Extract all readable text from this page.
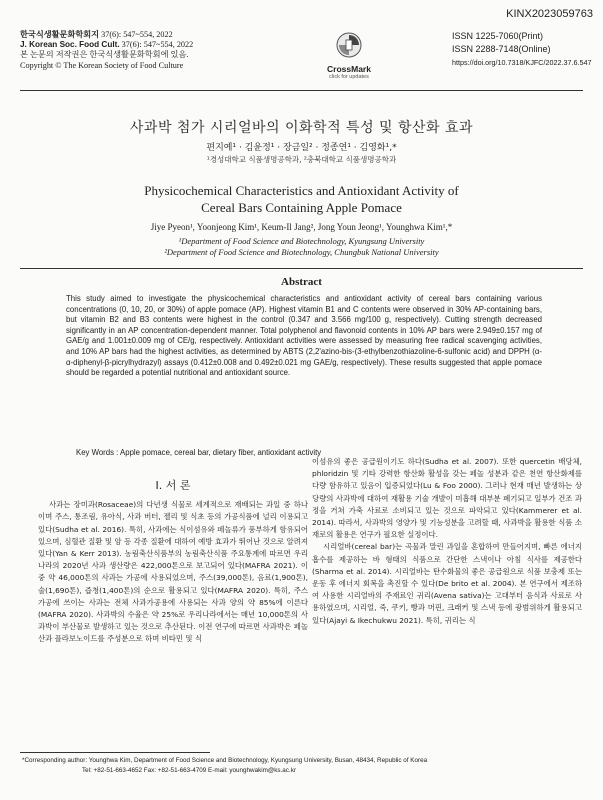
KINX2023059763
한국식생활문화학회지 37(6): 547~554, 2022
J. Korean Soc. Food Cult. 37(6): 547~554, 2022
본 논문의 저작권은 한국식생활문화학회에 있음.
Copyright © The Korean Society of Food Culture	CrossMark
click for updates
ISSN 1225-7060(Print)
ISSN 2288-7148(Online)
https://doi.org/10.7318/KJFC/2022.37.6.547
사과박 첨가 시리얼바의 이화학적 특성 및 항산화 효과
편지예¹ · 김윤정¹ · 장금일² · 정종연¹ · 김영화¹,*
¹경성대학교 식품생명공학과, ²충북대학교 식품생명공학과
Physicochemical Characteristics and Antioxidant Activity of
Cereal Bars Containing Apple Pomace
Jiye Pyeon¹, Yoonjeong Kim¹, Keum-Il Jang², Jong Youn Jeong¹, Younghwa Kim¹,*
¹Department of Food Science and Biotechnology, Kyungsung University
²Department of Food Science and Biotechnology, Chungbuk National University
Abstract
This study aimed to investigate the physicochemical characteristics and antioxidant activity of cereal bars containing various concentrations (0, 10, 20, or 30%) of apple pomace (AP). Highest vitamin B1 and C contents were observed in 30% AP-containing bars, but vitamin B2 and B3 contents were highest in the control (0.347 and 3.566 mg/100 g, respectively). Cutting strength decreased significantly in an AP concentration-dependent manner. Total polyphenol and flavonoid contents in 10% AP bars were 2.949±0.157 mg of GAE/g and 1.001±0.009 mg of CE/g, respectively. Antioxidant activities were assessed by measuring free radical scavenging activities, and 10% AP bars had the highest activities, as determined by ABTS (2,2'azino-bis-(3-ethylbenzothiazoline-6-sulfonic acid) and DPPH (α-α-diphenyl-β-picrylhydrazyl) assays (0.412±0.008 and 0.492±0.021 mg GAE/g, respectively). These results suggested that apple pomace should be regarded a potential nutritional and antioxidant source.
Key Words : Apple pomace, cereal bar, dietary fiber, antioxidant activity
Ⅰ. 서 론

사과는 장미과(Rosaceae)의 다년생 식물로 세계적으로 재배되는 과일 중 하나이며 주스, 통조림, 유아식, 사과 버터, 젤리 및 식초 등의 가공식품에 널리 이용되고 있다(Sudha et al. 2016). 특히, 사과에는 식이섬유와 페놀류가 풍부하게 함유되어 있으며, 심혈관 질환 및 암 등 각종 질환에 대하여 예방 효과가 뛰어난 것으로 알려져 있다(Yan & Kerr 2013). 농림축산식품부의 농림축산식품 주요통계에 따르면 우리나라의 2020년 사과 생산량은 422,000톤으로 보고되어 있다(MAFRA 2021). 이 중 약 46,000톤의 사과는 가공에 사용되었으며, 주스(39,000톤), 음료(1,900톤), 술(1,690톤), 즙청(1,400톤)의 순으로 활용되고 있다(MAFRA 2020). 특히, 주스가공에 쓰이는 사과는 전체 사과가공용에 사용되는 사과 양의 약 85%에 이른다(MAFRA 2020). 사과박의 수율은 약 25%로 우리나라에서는 매년 10,000톤의 사과박이 부산물로 발생하고 있는 것으로 추산된다. 이전 연구에 따르면 사과박은 페놀산과 플라보노이드를 주성분으로 하며 비타민 및 식

이섬유의 좋은 공급원이기도 하다(Sudha et al. 2007). 또한 quercetin 배당체, phloridzin 및 기타 강력한 항산화 활성을 갖는 페놀 성분과 같은 천연 항산화제를 다량 함유하고 있음이 입증되었다(Lu & Foo 2000). 그러나 현재 매년 발생하는 상당량의 사과박에 대하여 재활용 기술 개발이 미흡해 대부분 폐기되고 일부가 건조 과정을 거쳐 가축 사료로 소비되고 있는 것으로 파악되고 있다(Kammerer et al. 2014). 따라서, 사과박의 영양가 및 기능성분을 고려할 때, 사과박을 활용한 식품 소재로의 활용은 연구가 필요한 실정이다.

시리얼바(cereal bar)는 곡물과 말린 과일을 혼합하여 만들어지며, 빠른 에너지 흡수를 제공하는 바 형태의 식품으로 간단한 스낵이나 아침 식사를 제공한다(Sharma et al. 2014). 시리얼바는 탄수화물의 좋은 공급원으로 식품 보충제 또는 운동 후 에너지 회복을 촉진할 수 있다(De brito et al. 2004). 본 연구에서 제조하여 사용한 시리얼바의 주재료인 귀리(Avena sativa)는 고대부터 음식과 사료로 사용하였으며, 시리얼, 죽, 쿠키, 빵과 머핀, 크래커 및 스낵 등에 광범위하게 활용되고 있다(Ajayi & Ikechukwu 2021). 특히, 귀리는 식

*Corresponding author: Younghwa Kim, Department of Food Science and Biotechnology, Kyungsung University, Busan, 48434, Republic of Korea
Tel: +82-51-663-4652 Fax: +82-51-663-4709 E-mail: younghwakim@ks.ac.kr
